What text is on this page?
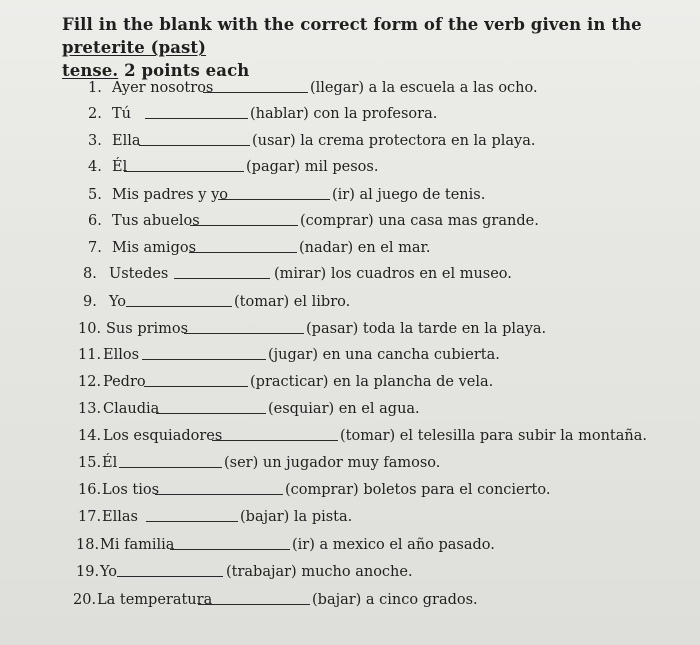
Fill in the blank with the correct form of the verb given in the preterite (past)
tense. 2 points each
1. Ayer nosotros	(llegar) a la escuela a las ocho.
2. Tú	(hablar) con la profesora.
3. Ella	(usar) la crema protectora en la playa.
4. Él	(pagar) mil pesos.
5. Mis padres y yo	(ir) al juego de tenis.
6. Tus abuelos	(comprar) una casa mas grande.
7. Mis amigos	(nadar) en el mar.
8. Ustedes	(mirar) los cuadros en el museo.
9. Yo	(tomar) el libro.
10. Sus primos	(pasar) toda la tarde en la playa.
11. Ellos	(jugar) en una cancha cubierta.
12. Pedro	(practicar) en la plancha de vela.
13. Claudia	(esquiar) en el agua.
14. Los esquiadores	(tomar) el telesilla para subir la montaña.
15. Él	(ser) un jugador muy famoso.
16. Los tios	(comprar) boletos para el concierto.
17. Ellas	(bajar) la pista.
18. Mi familia	(ir) a mexico el año pasado.
19. Yo	(trabajar) mucho anoche.
20. La temperatura	(bajar) a cinco grados.
